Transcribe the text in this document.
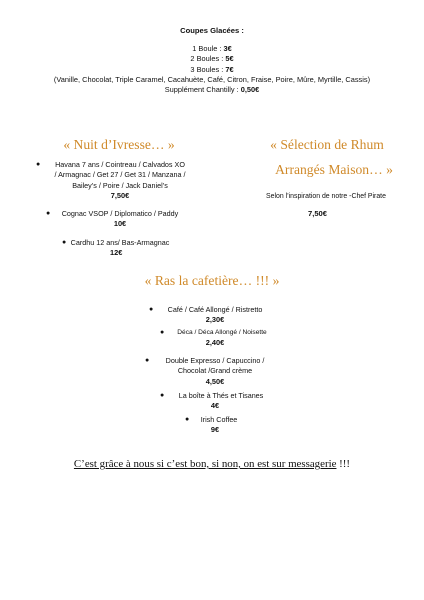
Coupes Glacées :
1 Boule : 3€
2 Boules : 5€
3 Boules : 7€
(Vanille, Chocolat, Triple Caramel, Cacahuète, Café, Citron, Fraise, Poire, Mûre, Myrtille, Cassis)
Supplément Chantilly : 0,50€
« Nuit d’Ivresse… »
●	Havana 7 ans / Cointreau / Calvados XO
/ Armagnac / Get 27 / Get 31 / Manzana /
Bailey’s / Poire / Jack Daniel’s
7,50€
●	Cognac VSOP / Diplomatico / Paddy
10€
● Cardhu 12 ans/ Bas-Armagnac
12€
« Sélection de Rhum
Arrangés Maison… »
Selon l’inspiration de notre -Chef Pirate
7,50€
« Ras la cafetière… !!! »
●	Café / Café Allongé / Ristretto
2,30€
●	Déca / Déca Allongé / Noisette
2,40€
●	Double Expresso / Capuccino /
Chocolat /Grand crème
4,50€
●	La boîte à Thés et Tisanes
4€
●	Irish Coffee
9€
C’est grâce à nous si c’est bon, si non, on est sur messagerie !!!
